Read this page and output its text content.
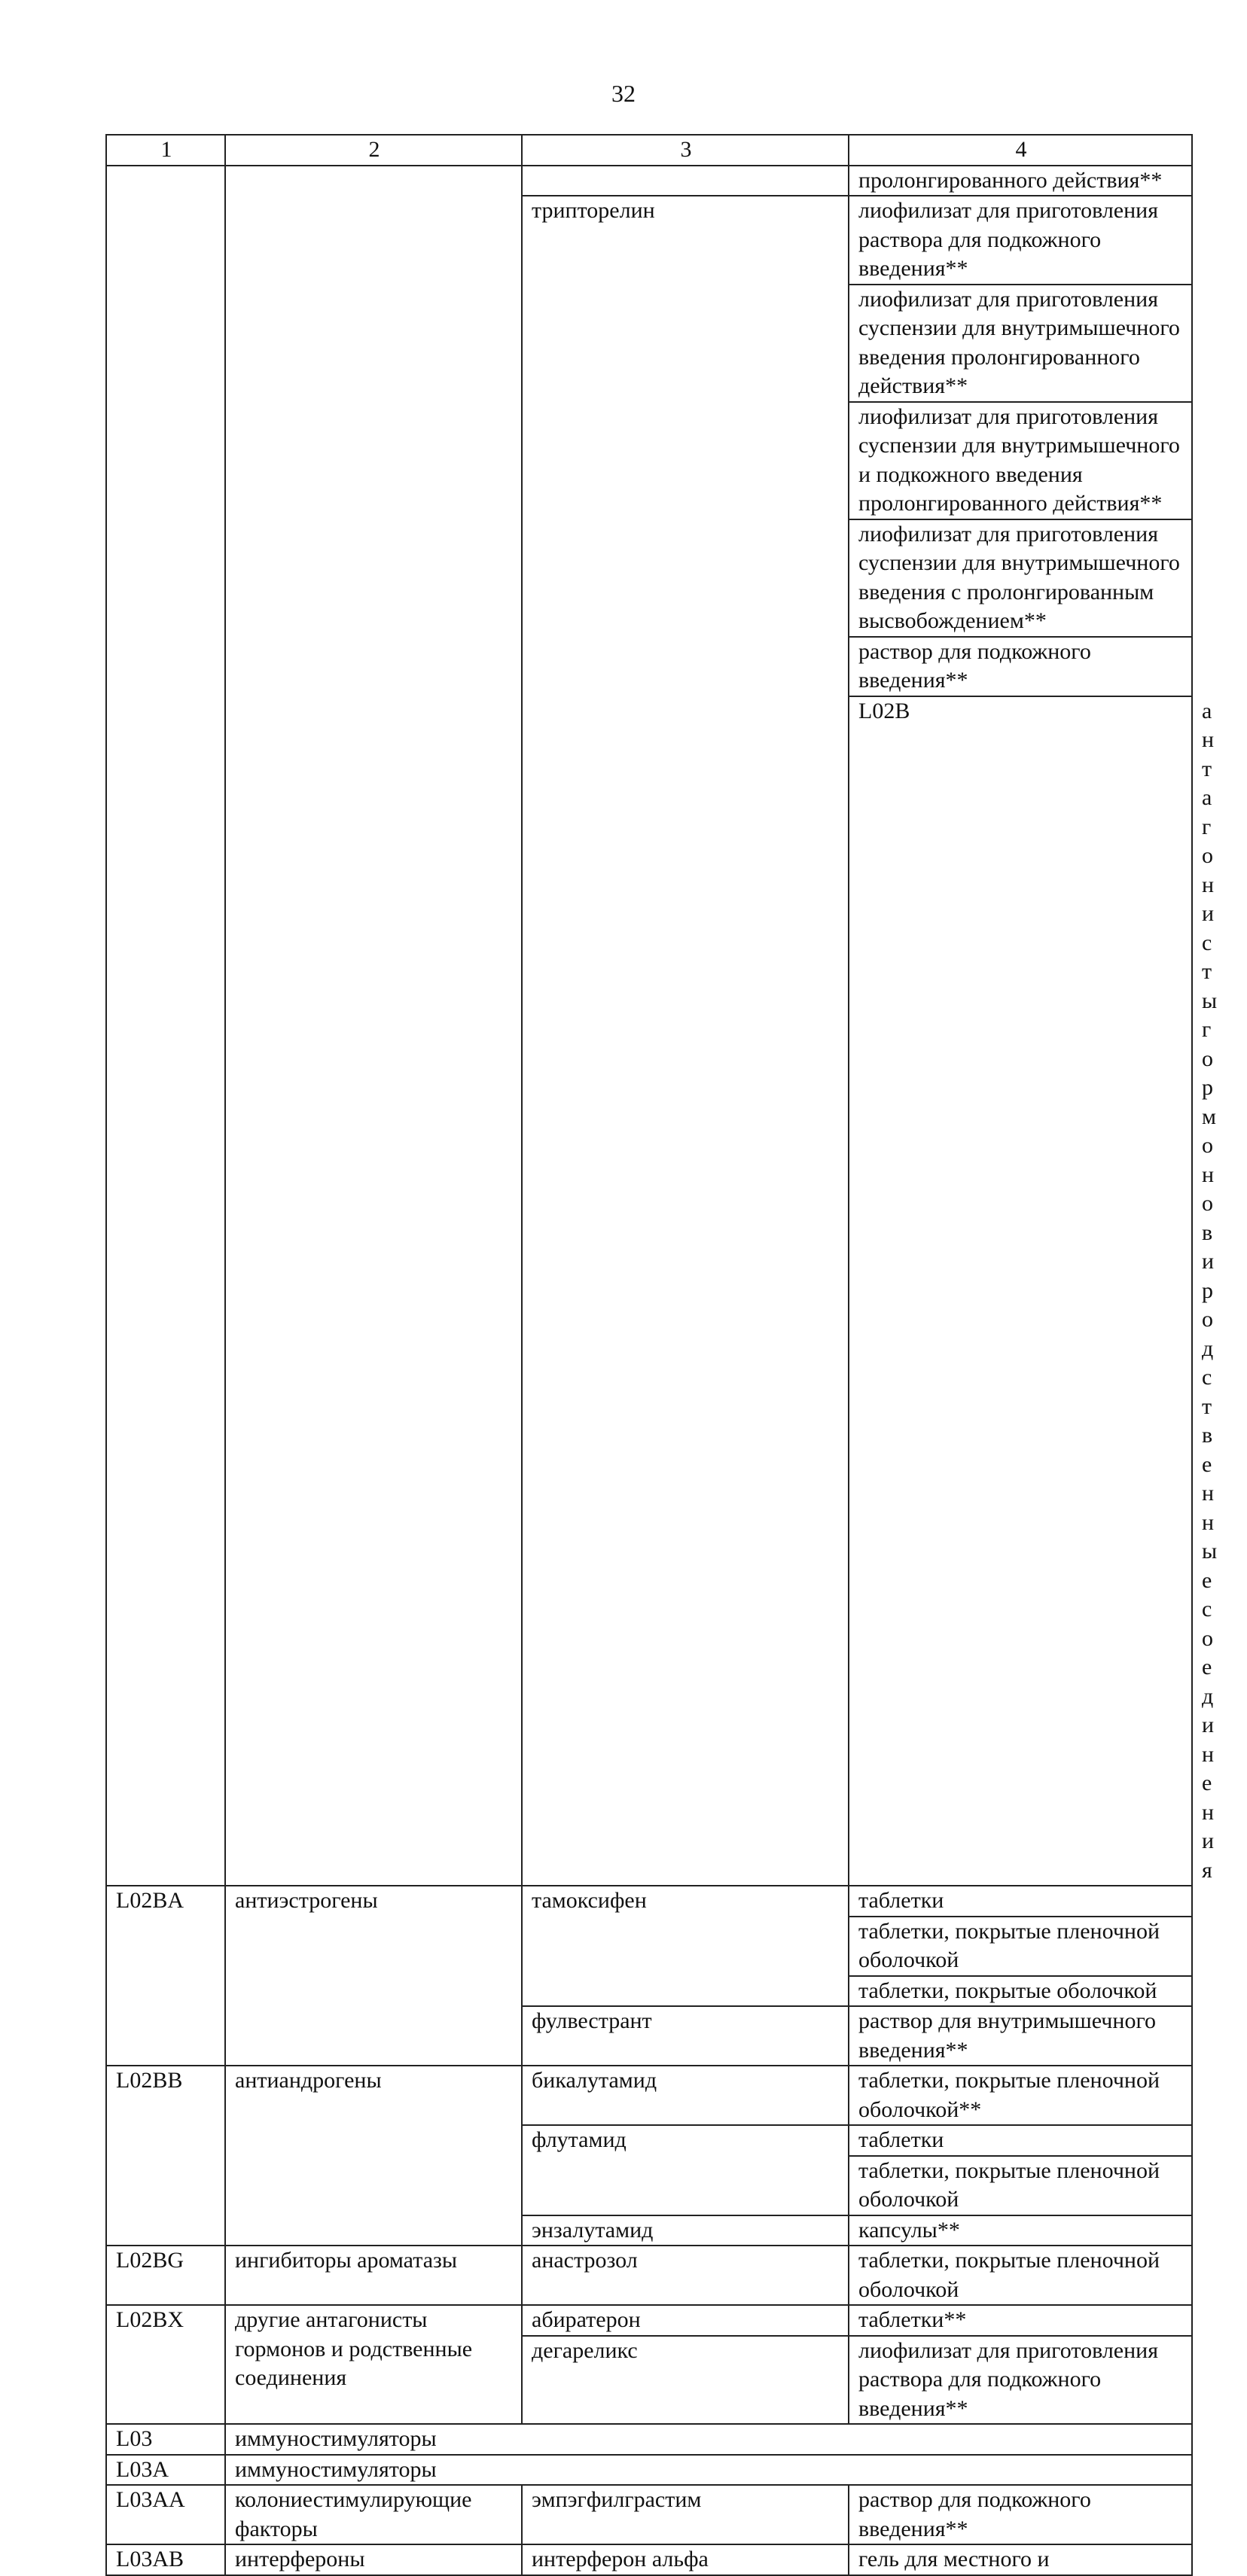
32
1	2	3	4	
			пролонгированного действия**	
		трипторелин	лиофилизат для приготовления раствора для подкожного введения**	
			лиофилизат для приготовления суспензии для внутримышечного введения пролонгированного действия**	
			лиофилизат для приготовления суспензии для внутримышечного и подкожного введения пролонгированного действия**	
			лиофилизат для приготовления суспензии для внутримышечного введения с пролонгированным высвобождением**	
			раствор для подкожного введения**	
			L02B	антагонисты гормонов и родственные соединения
L02BA	антиэстрогены	тамоксифен	таблетки	
			таблетки, покрытые пленочной оболочкой	
			таблетки, покрытые оболочкой	
		фулвестрант	раствор для внутримышечного введения**	
L02BB	антиандрогены	бикалутамид	таблетки, покрытые пленочной оболочкой**	
		флутамид	таблетки	
			таблетки, покрытые пленочной оболочкой	
		энзалутамид	капсулы**	
L02BG	ингибиторы ароматазы	анастрозол	таблетки, покрытые пленочной оболочкой	
L02BX	другие антагонисты гормонов и родственные соединения	абиратерон	таблетки**	
		дегареликс	лиофилизат для приготовления раствора для подкожного введения**	
L03	иммуностимуляторы			
L03A	иммуностимуляторы			
L03AA	колониестимулирующие факторы	эмпэгфилграстим	раствор для подкожного введения**	
L03AB	интерфероны	интерферон альфа	гель для местного и	
